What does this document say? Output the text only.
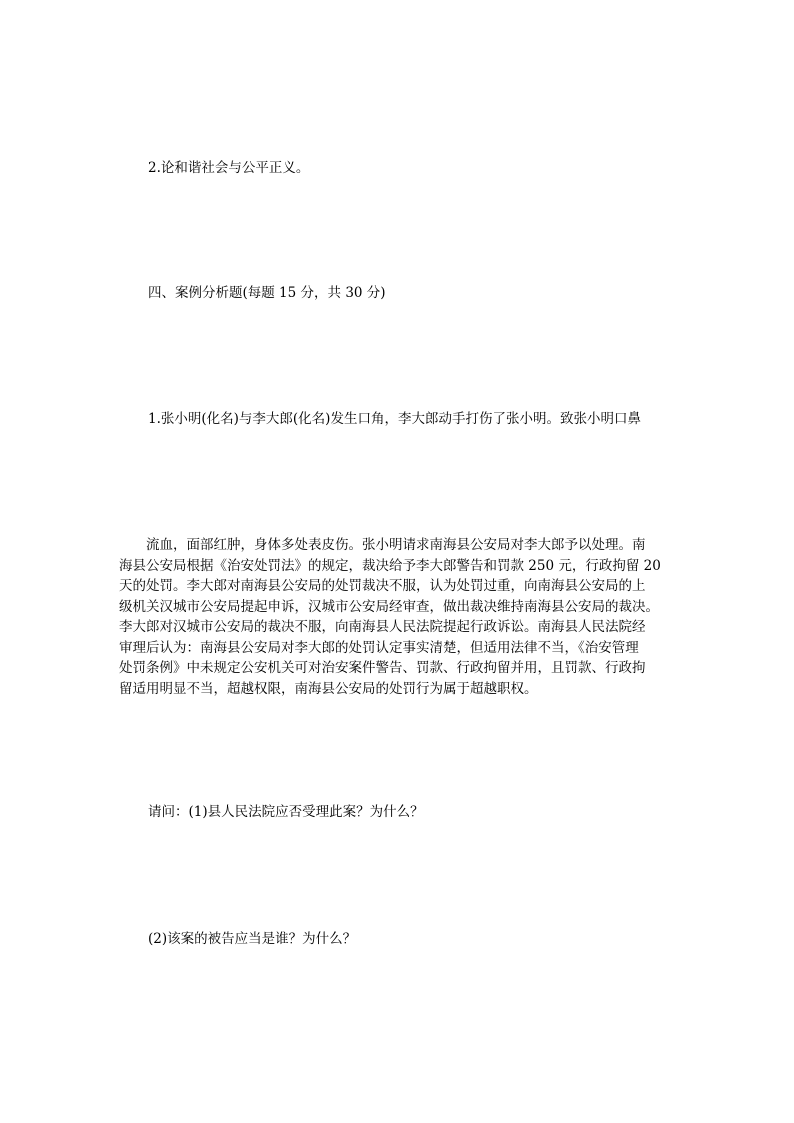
2.论和谐社会与公平正义。

四、案例分析题(每题 15 分，共 30 分)

1.张小明(化名)与李大郎(化名)发生口角，李大郎动手打伤了张小明。致张小明口鼻

　　流血，面部红肿，身体多处表皮伤。张小明请求南海县公安局对李大郎予以处理。南
海县公安局根据《治安处罚法》的规定，裁决给予李大郎警告和罚款 250 元，行政拘留 20
天的处罚。李大郎对南海县公安局的处罚裁决不服，认为处罚过重，向南海县公安局的上
级机关汉城市公安局提起申诉，汉城市公安局经审查，做出裁决维持南海县公安局的裁决。
李大郎对汉城市公安局的裁决不服，向南海县人民法院提起行政诉讼。南海县人民法院经
审理后认为：南海县公安局对李大郎的处罚认定事实清楚，但适用法律不当，《治安管理
处罚条例》中未规定公安机关可对治安案件警告、罚款、行政拘留并用，且罚款、行政拘
留适用明显不当，超越权限，南海县公安局的处罚行为属于超越职权。

请问：(1)县人民法院应否受理此案？为什么？

(2)该案的被告应当是谁？为什么？
